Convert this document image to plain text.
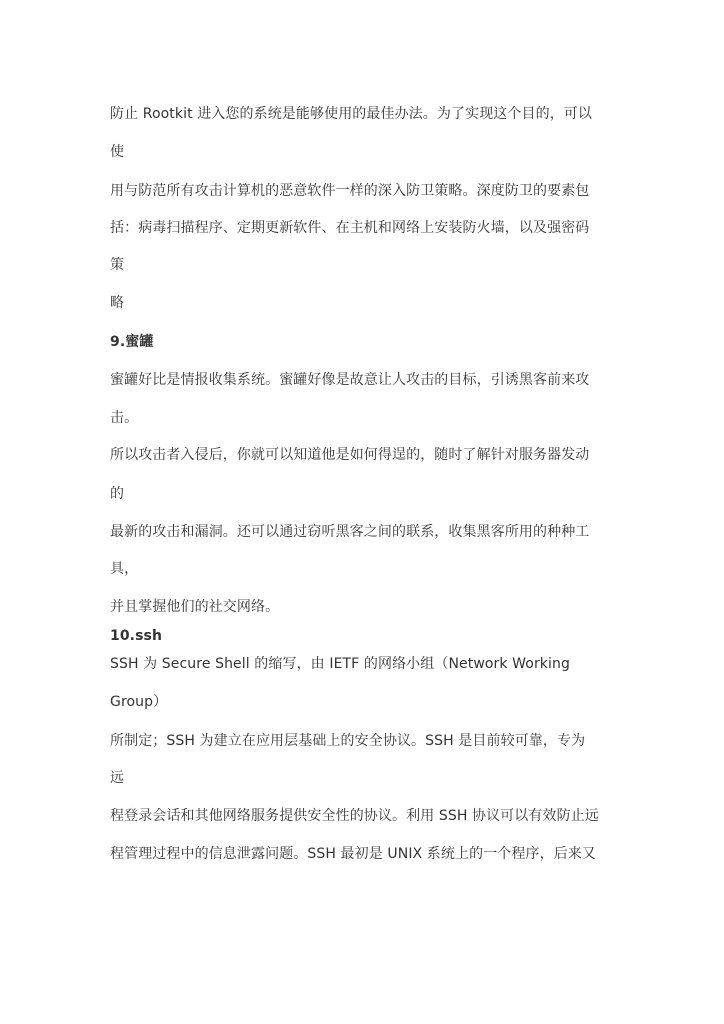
防止 Rootkit 进入您的系统是能够使用的最佳办法。为了实现这个目的，可以
使
用与防范所有攻击计算机的恶意软件一样的深入防卫策略。深度防卫的要素包
括：病毒扫描程序、定期更新软件、在主机和网络上安装防火墙，以及强密码
策
略
9.蜜罐
蜜罐好比是情报收集系统。蜜罐好像是故意让人攻击的目标，引诱黑客前来攻
击。
所以攻击者入侵后，你就可以知道他是如何得逞的，随时了解针对服务器发动
的
最新的攻击和漏洞。还可以通过窃听黑客之间的联系，收集黑客所用的种种工
具，
并且掌握他们的社交网络。
10.ssh
SSH 为 Secure Shell 的缩写，由 IETF 的网络小组（Network Working
Group）
所制定；SSH 为建立在应用层基础上的安全协议。SSH 是目前较可靠，专为
远
程登录会话和其他网络服务提供安全性的协议。利用 SSH 协议可以有效防止远
程管理过程中的信息泄露问题。SSH 最初是 UNIX 系统上的一个程序，后来又
